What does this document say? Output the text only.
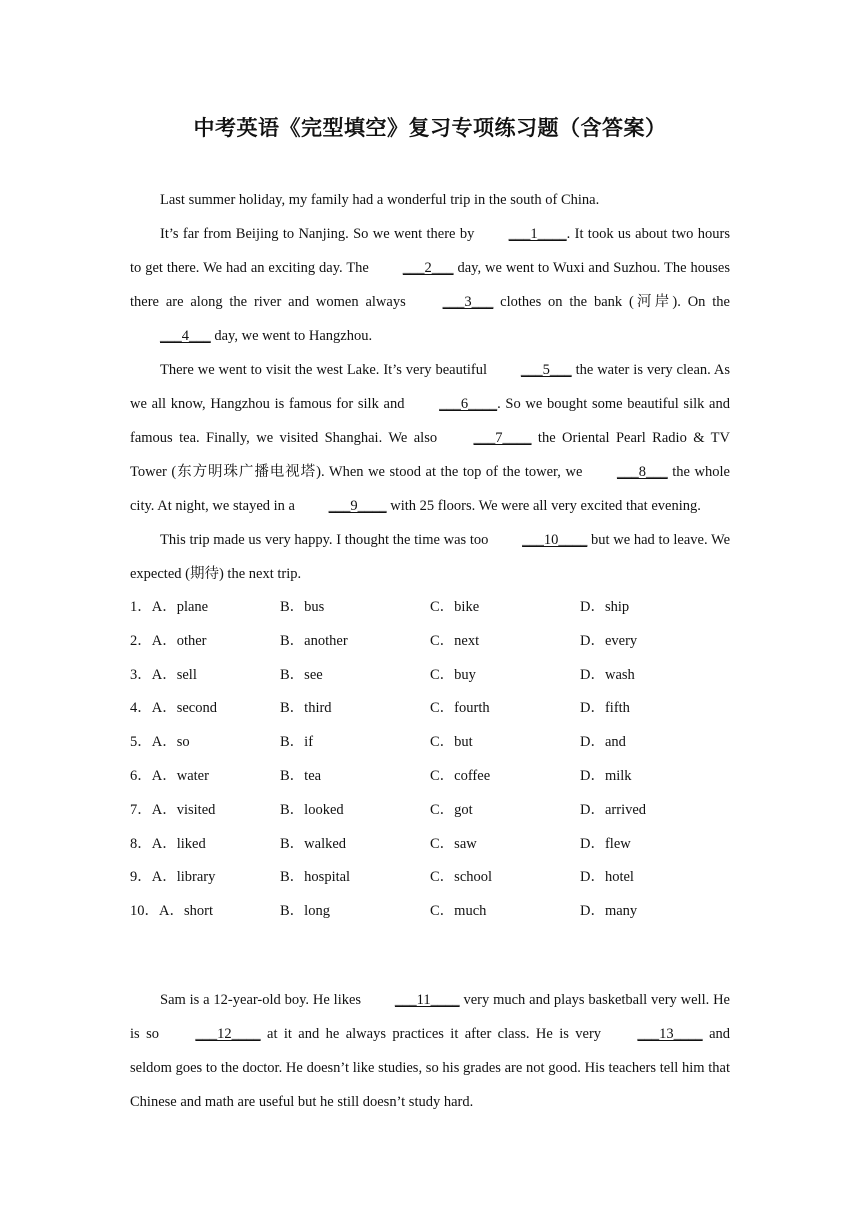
中考英语《完型填空》复习专项练习题（含答案）

Last summer holiday, my family had a wonderful trip in the south of China.

It’s far from Beijing to Nanjing. So we went there by ___1____. It took us about two hours to get there. We had an exciting day. The ___2___ day, we went to Wuxi and Suzhou. The houses there are along the river and women always ___3___ clothes on the bank (河岸). On the ___4___ day, we went to Hangzhou.

There we went to visit the west Lake. It’s very beautiful ___5___ the water is very clean. As we all know, Hangzhou is famous for silk and ___6____. So we bought some beautiful silk and famous tea. Finally, we visited Shanghai. We also ___7____ the Oriental Pearl Radio & TV Tower (东方明珠广播电视塔). When we stood at the top of the tower, we ___8___ the whole city. At night, we stayed in a ___9____ with 25 floors. We were all very excited that evening.

This trip made us very happy. I thought the time was too ___10____ but we had to leave. We expected (期待) the next trip.

1．A．plane	B．bus	C．bike	D．ship
2．A．other	B．another	C．next	D．every
3．A．sell	B．see	C．buy	D．wash
4．A．second	B．third	C．fourth	D．fifth
5．A．so	B．if	C．but	D．and
6．A．water	B．tea	C．coffee	D．milk
7．A．visited	B．looked	C．got	D．arrived
8．A．liked	B．walked	C．saw	D．flew
9．A．library	B．hospital	C．school	D．hotel
10．A．short	B．long	C．much	D．many

Sam is a 12-year-old boy. He likes ___11____ very much and plays basketball very well. He is so ___12____ at it and he always practices it after class. He is very ___13____ and seldom goes to the doctor. He doesn’t like studies, so his grades are not good. His teachers tell him that Chinese and math are useful but he still doesn’t study hard.
